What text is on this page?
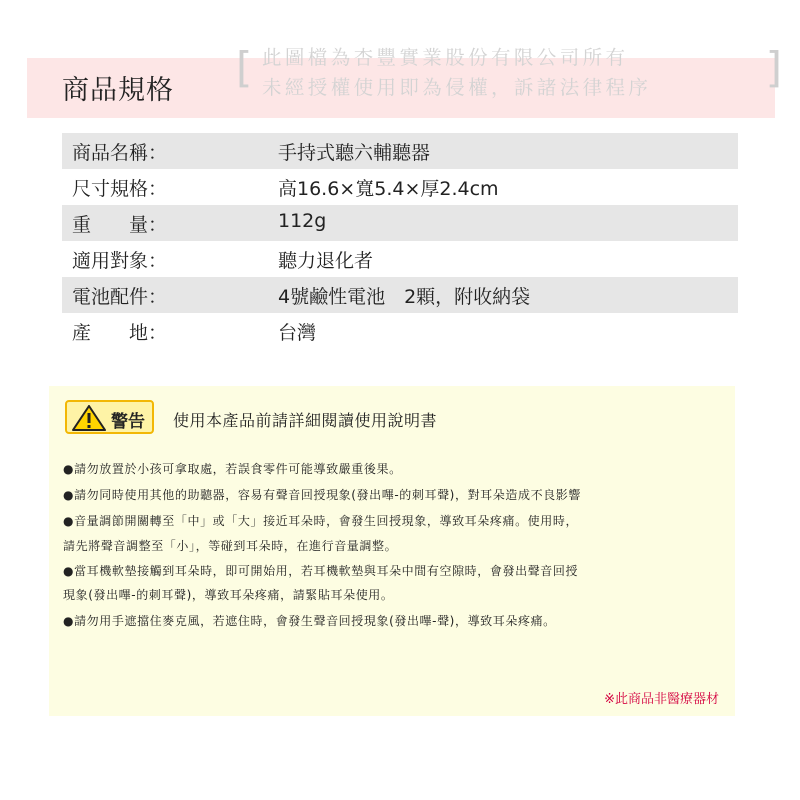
商品規格 [ 此圖檔為杏豐實業股份有限公司所有
未經授權使用即為侵權，訴諸法律程序	]
商品名稱：	手持式聽六輔聽器
尺寸規格：	高16.6×寬5.4×厚2.4cm
重　　量：	112g
適用對象：	聽力退化者
電池配件：	4號鹼性電池　2顆，附收納袋
產　　地：	台灣
警告 使用本產品前請詳細閱讀使用說明書
●請勿放置於小孩可拿取處，若誤食零件可能導致嚴重後果。
●請勿同時使用其他的助聽器，容易有聲音回授現象(發出嗶-的刺耳聲)，對耳朵造成不良影響
●音量調節開關轉至「中」或「大」接近耳朵時，會發生回授現象，導致耳朵疼痛。使用時，
請先將聲音調整至「小」，等碰到耳朵時，在進行音量調整。
●當耳機軟墊接觸到耳朵時，即可開始用，若耳機軟墊與耳朵中間有空隙時，會發出聲音回授
現象(發出嗶-的刺耳聲)，導致耳朵疼痛，請緊貼耳朵使用。
●請勿用手遮擋住麥克風，若遮住時，會發生聲音回授現象(發出嗶-聲)，導致耳朵疼痛。
※此商品非醫療器材
